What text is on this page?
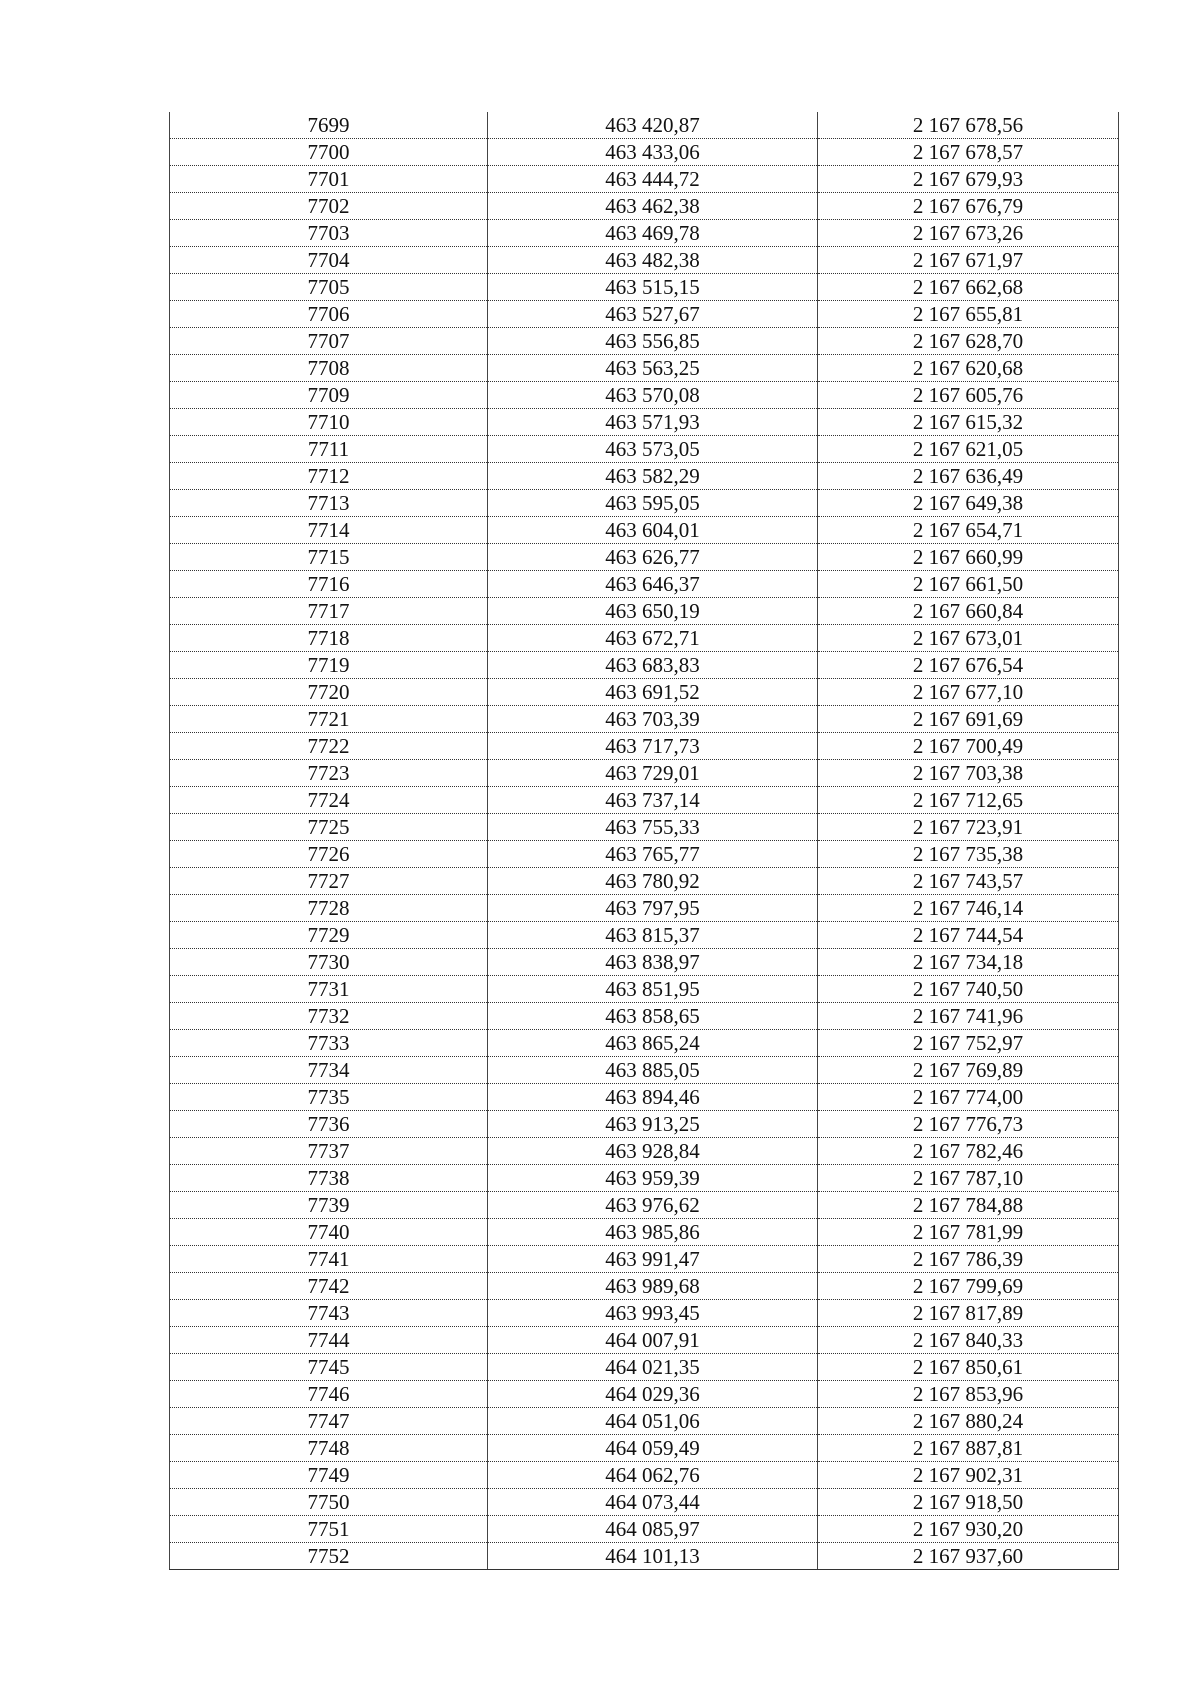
7699	463 420,87	2 167 678,56
7700	463 433,06	2 167 678,57
7701	463 444,72	2 167 679,93
7702	463 462,38	2 167 676,79
7703	463 469,78	2 167 673,26
7704	463 482,38	2 167 671,97
7705	463 515,15	2 167 662,68
7706	463 527,67	2 167 655,81
7707	463 556,85	2 167 628,70
7708	463 563,25	2 167 620,68
7709	463 570,08	2 167 605,76
7710	463 571,93	2 167 615,32
7711	463 573,05	2 167 621,05
7712	463 582,29	2 167 636,49
7713	463 595,05	2 167 649,38
7714	463 604,01	2 167 654,71
7715	463 626,77	2 167 660,99
7716	463 646,37	2 167 661,50
7717	463 650,19	2 167 660,84
7718	463 672,71	2 167 673,01
7719	463 683,83	2 167 676,54
7720	463 691,52	2 167 677,10
7721	463 703,39	2 167 691,69
7722	463 717,73	2 167 700,49
7723	463 729,01	2 167 703,38
7724	463 737,14	2 167 712,65
7725	463 755,33	2 167 723,91
7726	463 765,77	2 167 735,38
7727	463 780,92	2 167 743,57
7728	463 797,95	2 167 746,14
7729	463 815,37	2 167 744,54
7730	463 838,97	2 167 734,18
7731	463 851,95	2 167 740,50
7732	463 858,65	2 167 741,96
7733	463 865,24	2 167 752,97
7734	463 885,05	2 167 769,89
7735	463 894,46	2 167 774,00
7736	463 913,25	2 167 776,73
7737	463 928,84	2 167 782,46
7738	463 959,39	2 167 787,10
7739	463 976,62	2 167 784,88
7740	463 985,86	2 167 781,99
7741	463 991,47	2 167 786,39
7742	463 989,68	2 167 799,69
7743	463 993,45	2 167 817,89
7744	464 007,91	2 167 840,33
7745	464 021,35	2 167 850,61
7746	464 029,36	2 167 853,96
7747	464 051,06	2 167 880,24
7748	464 059,49	2 167 887,81
7749	464 062,76	2 167 902,31
7750	464 073,44	2 167 918,50
7751	464 085,97	2 167 930,20
7752	464 101,13	2 167 937,60
